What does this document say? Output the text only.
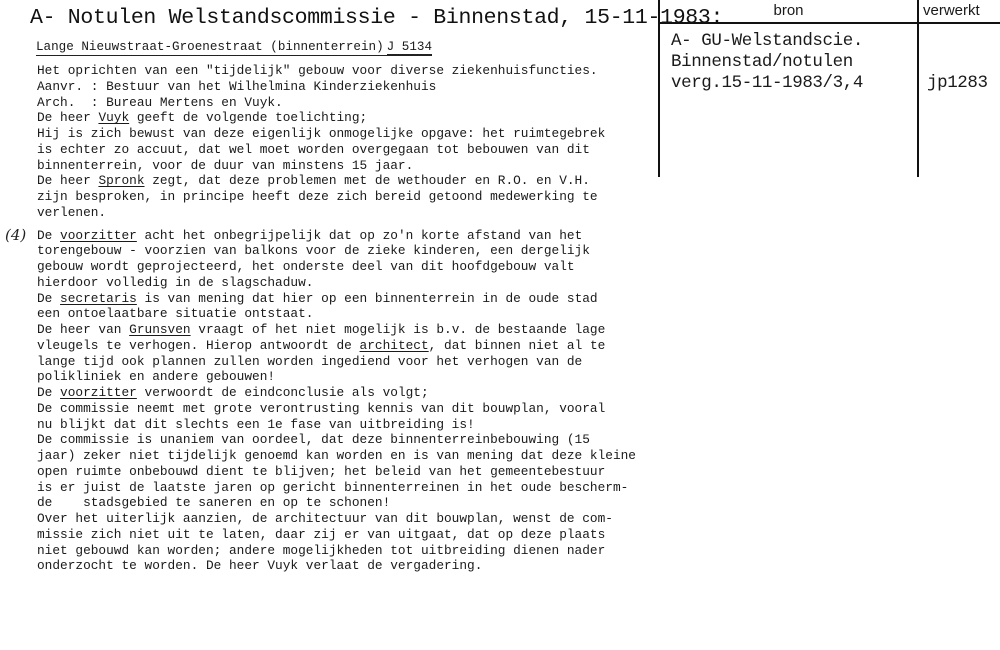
A- Notulen Welstandscommissie - Binnenstad, 15-11-1983:
Lange Nieuwstraat-Groenestraat (binnenterrein) J 5134
(4)
Het oprichten van een "tijdelijk" gebouw voor diverse ziekenhuisfuncties.
Aanvr. : Bestuur van het Wilhelmina Kinderziekenhuis
Arch.  : Bureau Mertens en Vuyk.
De heer Vuyk geeft de volgende toelichting;
Hij is zich bewust van deze eigenlijk onmogelijke opgave: het ruimtegebrek
is echter zo accuut, dat wel moet worden overgegaan tot bebouwen van dit
binnenterrein, voor de duur van minstens 15 jaar.
De heer Spronk zegt, dat deze problemen met de wethouder en R.O. en V.H.
zijn besproken, in principe heeft deze zich bereid getoond medewerking te
verlenen.
De voorzitter acht het onbegrijpelijk dat op zo'n korte afstand van het
torengebouw - voorzien van balkons voor de zieke kinderen, een dergelijk
gebouw wordt geprojecteerd, het onderste deel van dit hoofdgebouw valt
hierdoor volledig in de slagschaduw.
De secretaris is van mening dat hier op een binnenterrein in de oude stad
een ontoelaatbare situatie ontstaat.
De heer van Grunsven vraagt of het niet mogelijk is b.v. de bestaande lage
vleugels te verhogen. Hierop antwoordt de architect, dat binnen niet al te
lange tijd ook plannen zullen worden ingediend voor het verhogen van de
polikliniek en andere gebouwen!
De voorzitter verwoordt de eindconclusie als volgt;
De commissie neemt met grote verontrusting kennis van dit bouwplan, vooral
nu blijkt dat dit slechts een 1e fase van uitbreiding is!
De commissie is unaniem van oordeel, dat deze binnenterreinbebouwing (15
jaar) zeker niet tijdelijk genoemd kan worden en is van mening dat deze kleine
open ruimte onbebouwd dient te blijven; het beleid van het gemeentebestuur
is er juist de laatste jaren op gericht binnenterreinen in het oude bescherm-
de    stadsgebied te saneren en op te schonen!
Over het uiterlijk aanzien, de architectuur van dit bouwplan, wenst de com-
missie zich niet uit te laten, daar zij er van uitgaat, dat op deze plaats
niet gebouwd kan worden; andere mogelijkheden tot uitbreiding dienen nader
onderzocht te worden. De heer Vuyk verlaat de vergadering.
bron	verwerkt
A- GU-Welstandscie.
Binnenstad/notulen
verg.15-11-1983/3,4	jp1283
